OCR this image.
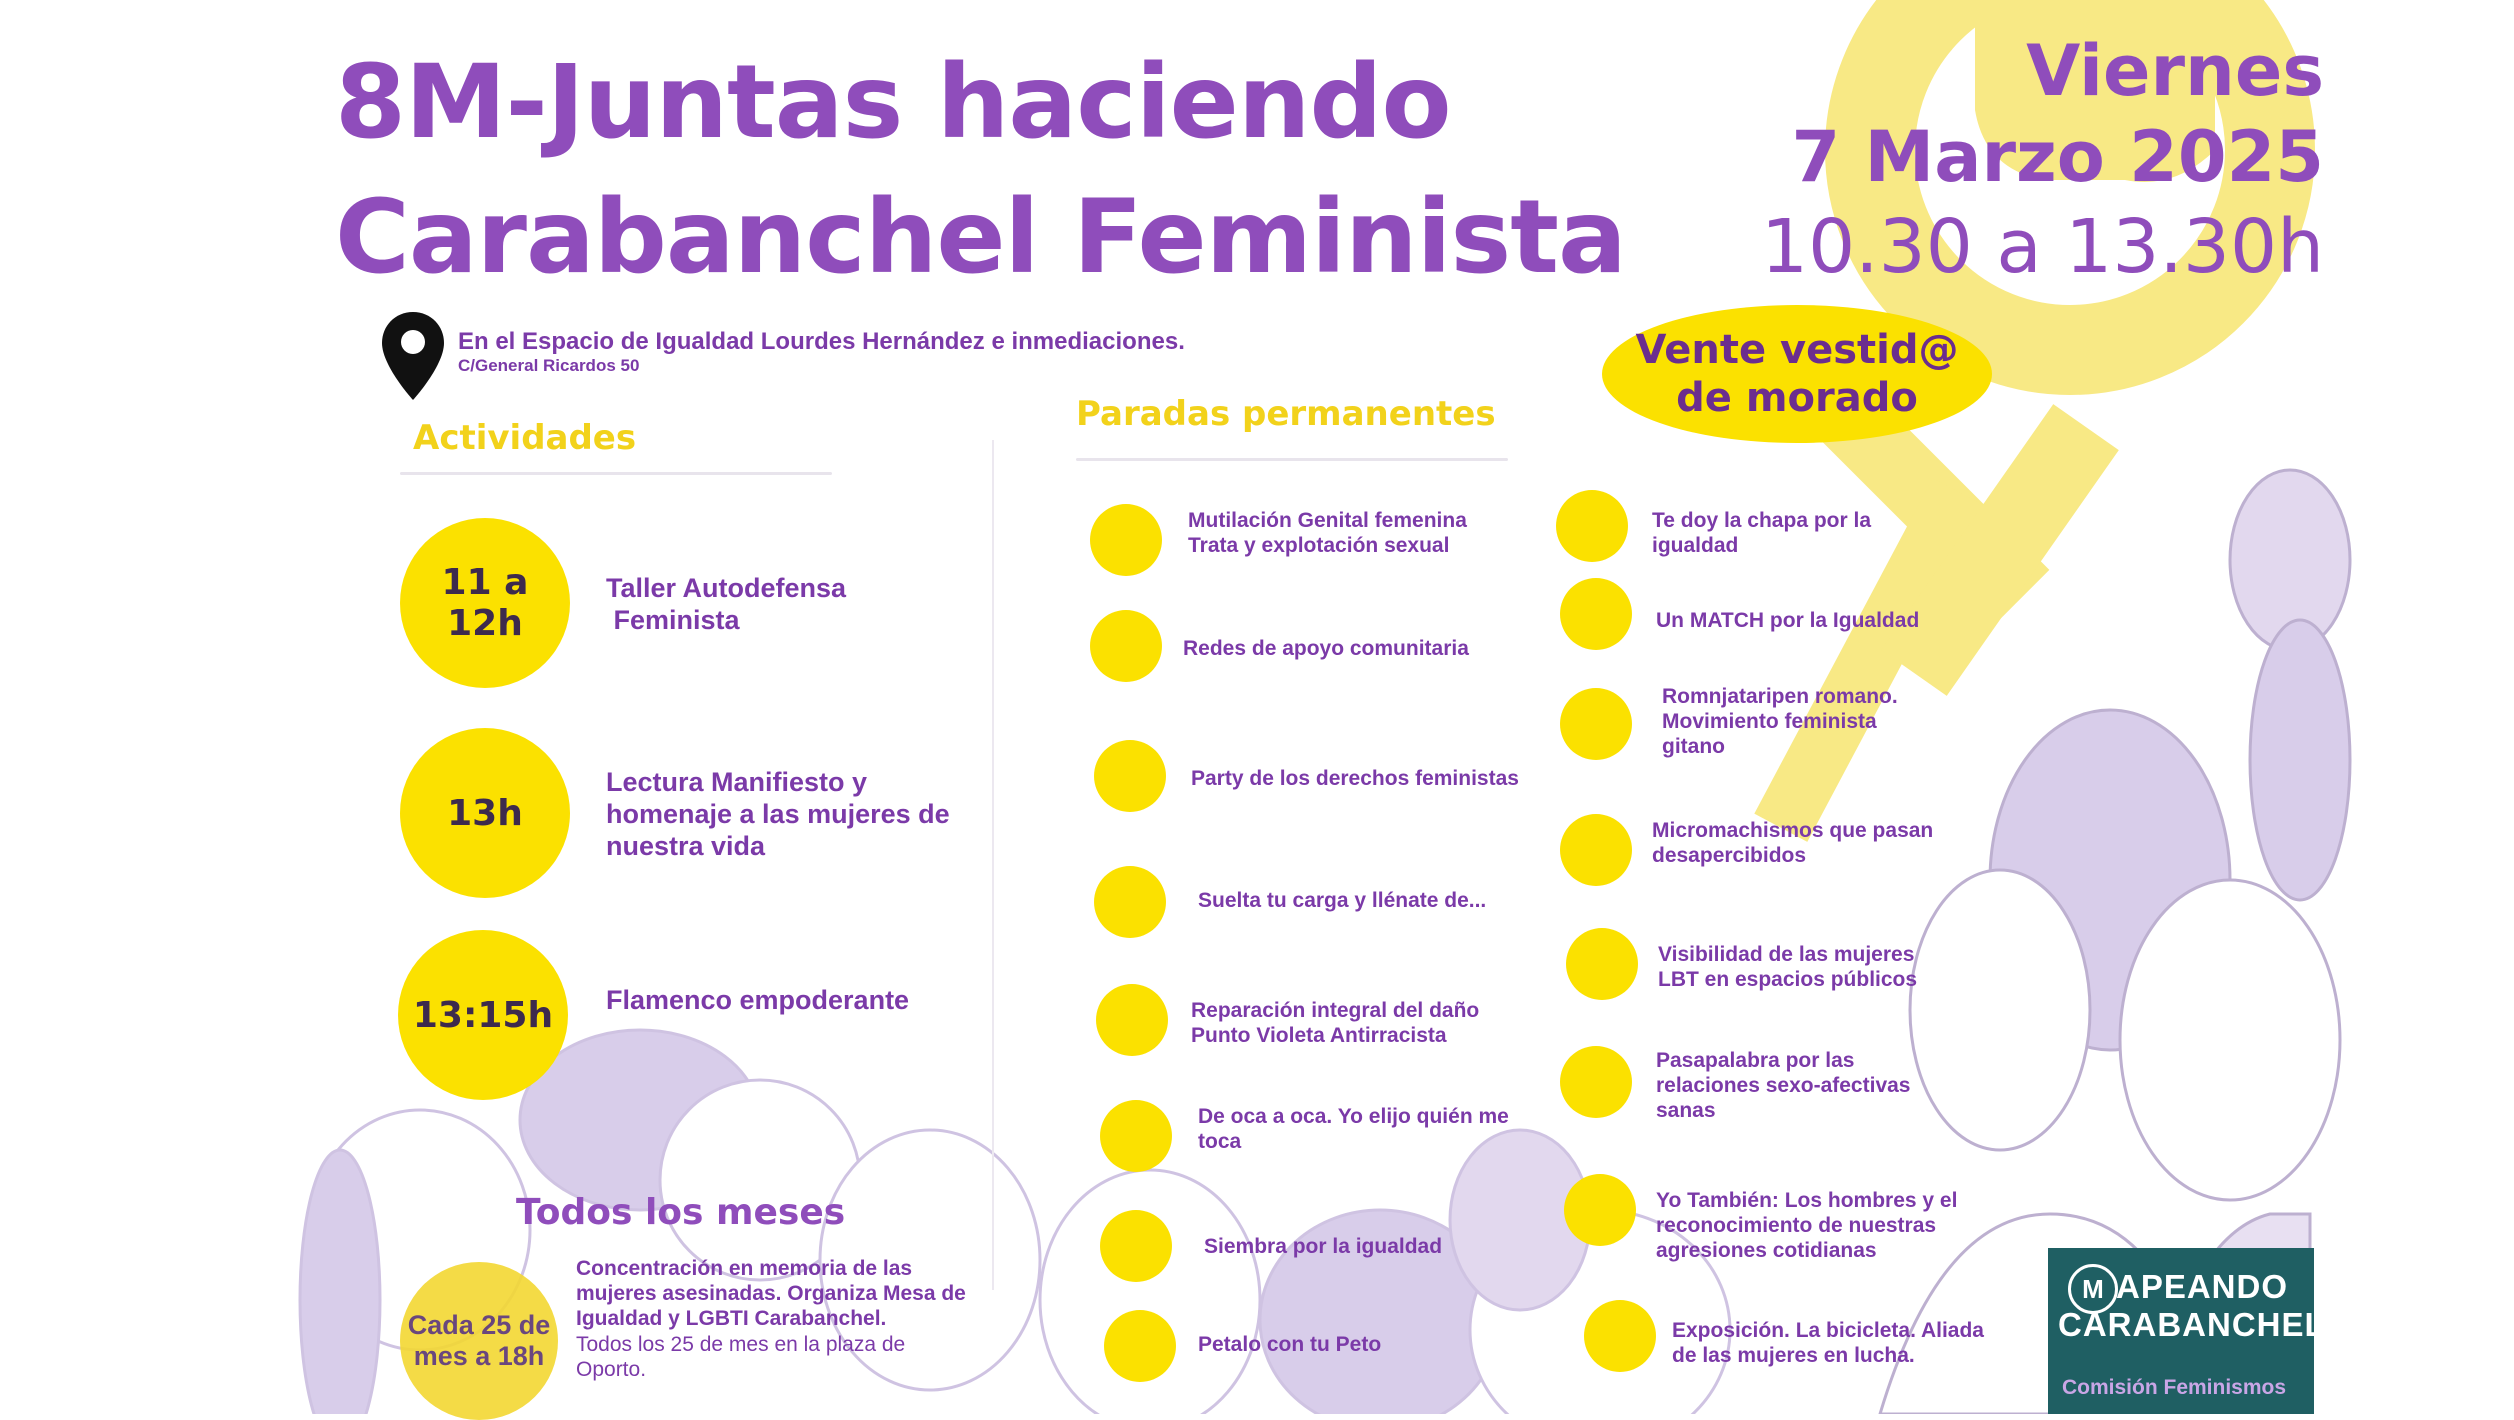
8M-Juntas haciendo
Carabanchel Feminista
Viernes
7 Marzo 2025
10.30 a 13.30h
Vente vestid@
de morado
En el Espacio de Igualdad Lourdes Hernández e inmediaciones.
C/General Ricardos 50
Actividades
Paradas permanentes
11 a 12h
Taller Autodefensa
Feminista
13h
Lectura Manifiesto y homenaje a las mujeres de nuestra vida
13:15h	Flamenco empoderante
Mutilación Genital femenina
Trata y explotación sexual
Redes de apoyo comunitaria
Party de los derechos feministas
Suelta tu carga y llénate de...
Reparación integral del daño
Punto Violeta Antirracista
De oca a oca. Yo elijo quién me toca
Siembra por la igualdad
Petalo con tu Peto
Te doy la chapa por la igualdad
Un MATCH por la Igualdad
Romnjataripen romano. Movimiento feminista gitano
Micromachismos que pasan desapercibidos
Visibilidad de las mujeres LBT en espacios públicos
Pasapalabra por las relaciones sexo-afectivas sanas
Yo También: Los hombres y el reconocimiento de nuestras agresiones cotidianas
Exposición. La bicicleta. Aliada de las mujeres en lucha.
Todos los meses
Cada 25 de mes a 18h
Concentración en memoria de las mujeres asesinadas. Organiza Mesa de Igualdad y LGBTI Carabanchel.
Todos los 25 de mes en la plaza de Oporto.
M APEANDO
CARABANCHEL
Comisión Feminismos
